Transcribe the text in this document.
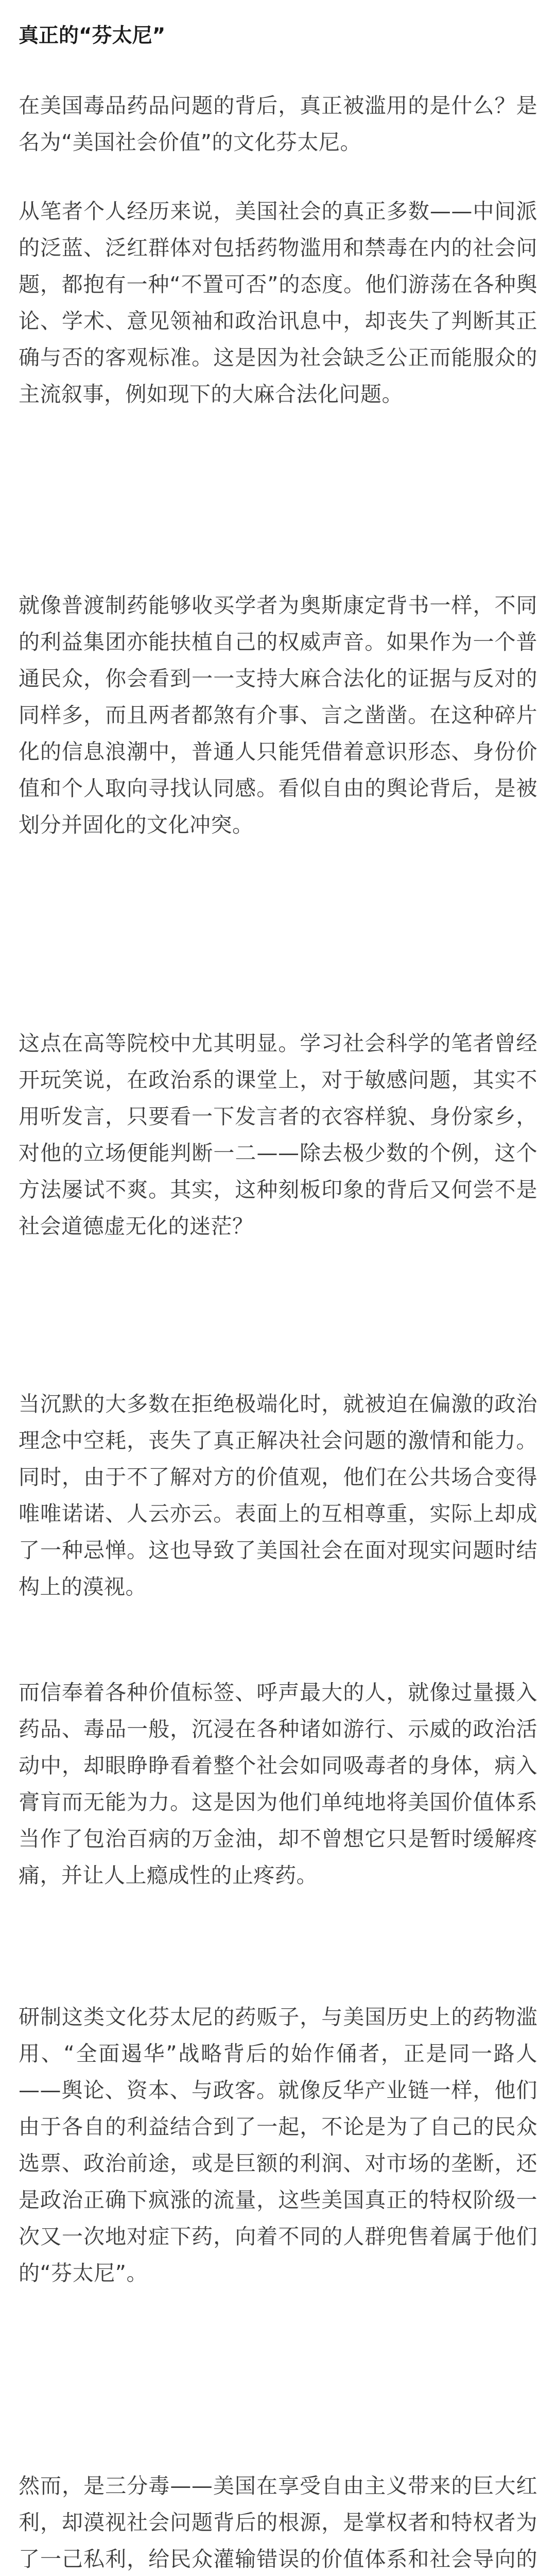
真正的“芬太尼”

在美国毒品药品问题的背后，真正被滥用的是什么？是名为“美国社会价值”的文化芬太尼。

从笔者个人经历来说，美国社会的真正多数——中间派的泛蓝、泛红群体对包括药物滥用和禁毒在内的社会问题，都抱有一种“不置可否”的态度。他们游荡在各种舆论、学术、意见领袖和政治讯息中，却丧失了判断其正确与否的客观标准。这是因为社会缺乏公正而能服众的主流叙事，例如现下的大麻合法化问题。

就像普渡制药能够收买学者为奥斯康定背书一样，不同的利益集团亦能扶植自己的权威声音。如果作为一个普通民众，你会看到一一支持大麻合法化的证据与反对的同样多，而且两者都煞有介事、言之凿凿。在这种碎片化的信息浪潮中，普通人只能凭借着意识形态、身份价值和个人取向寻找认同感。看似自由的舆论背后，是被划分并固化的文化冲突。

这点在高等院校中尤其明显。学习社会科学的笔者曾经开玩笑说，在政治系的课堂上，对于敏感问题，其实不用听发言，只要看一下发言者的衣容样貌、身份家乡，对他的立场便能判断一二——除去极少数的个例，这个方法屡试不爽。其实，这种刻板印象的背后又何尝不是社会道德虚无化的迷茫？

当沉默的大多数在拒绝极端化时，就被迫在偏激的政治理念中空耗，丧失了真正解决社会问题的激情和能力。同时，由于不了解对方的价值观，他们在公共场合变得唯唯诺诺、人云亦云。表面上的互相尊重，实际上却成了一种忌惮。这也导致了美国社会在面对现实问题时结构上的漠视。

而信奉着各种价值标签、呼声最大的人，就像过量摄入药品、毒品一般，沉浸在各种诸如游行、示威的政治活动中，却眼睁睁看着整个社会如同吸毒者的身体，病入膏肓而无能为力。这是因为他们单纯地将美国价值体系当作了包治百病的万金油，却不曾想它只是暂时缓解疼痛，并让人上瘾成性的止疼药。

研制这类文化芬太尼的药贩子，与美国历史上的药物滥用、“全面遏华”战略背后的始作俑者，正是同一路人——舆论、资本、与政客。就像反华产业链一样，他们由于各自的利益结合到了一起，不论是为了自己的民众选票、政治前途，或是巨额的利润、对市场的垄断，还是政治正确下疯涨的流量，这些美国真正的特权阶级一次又一次地对症下药，向着不同的人群兜售着属于他们的“芬太尼”。

然而，是三分毒——美国在享受自由主义带来的巨大红利，却漠视社会问题背后的根源，是掌权者和特权者为了一己私利，给民众灌输错误的价值体系和社会导向的
